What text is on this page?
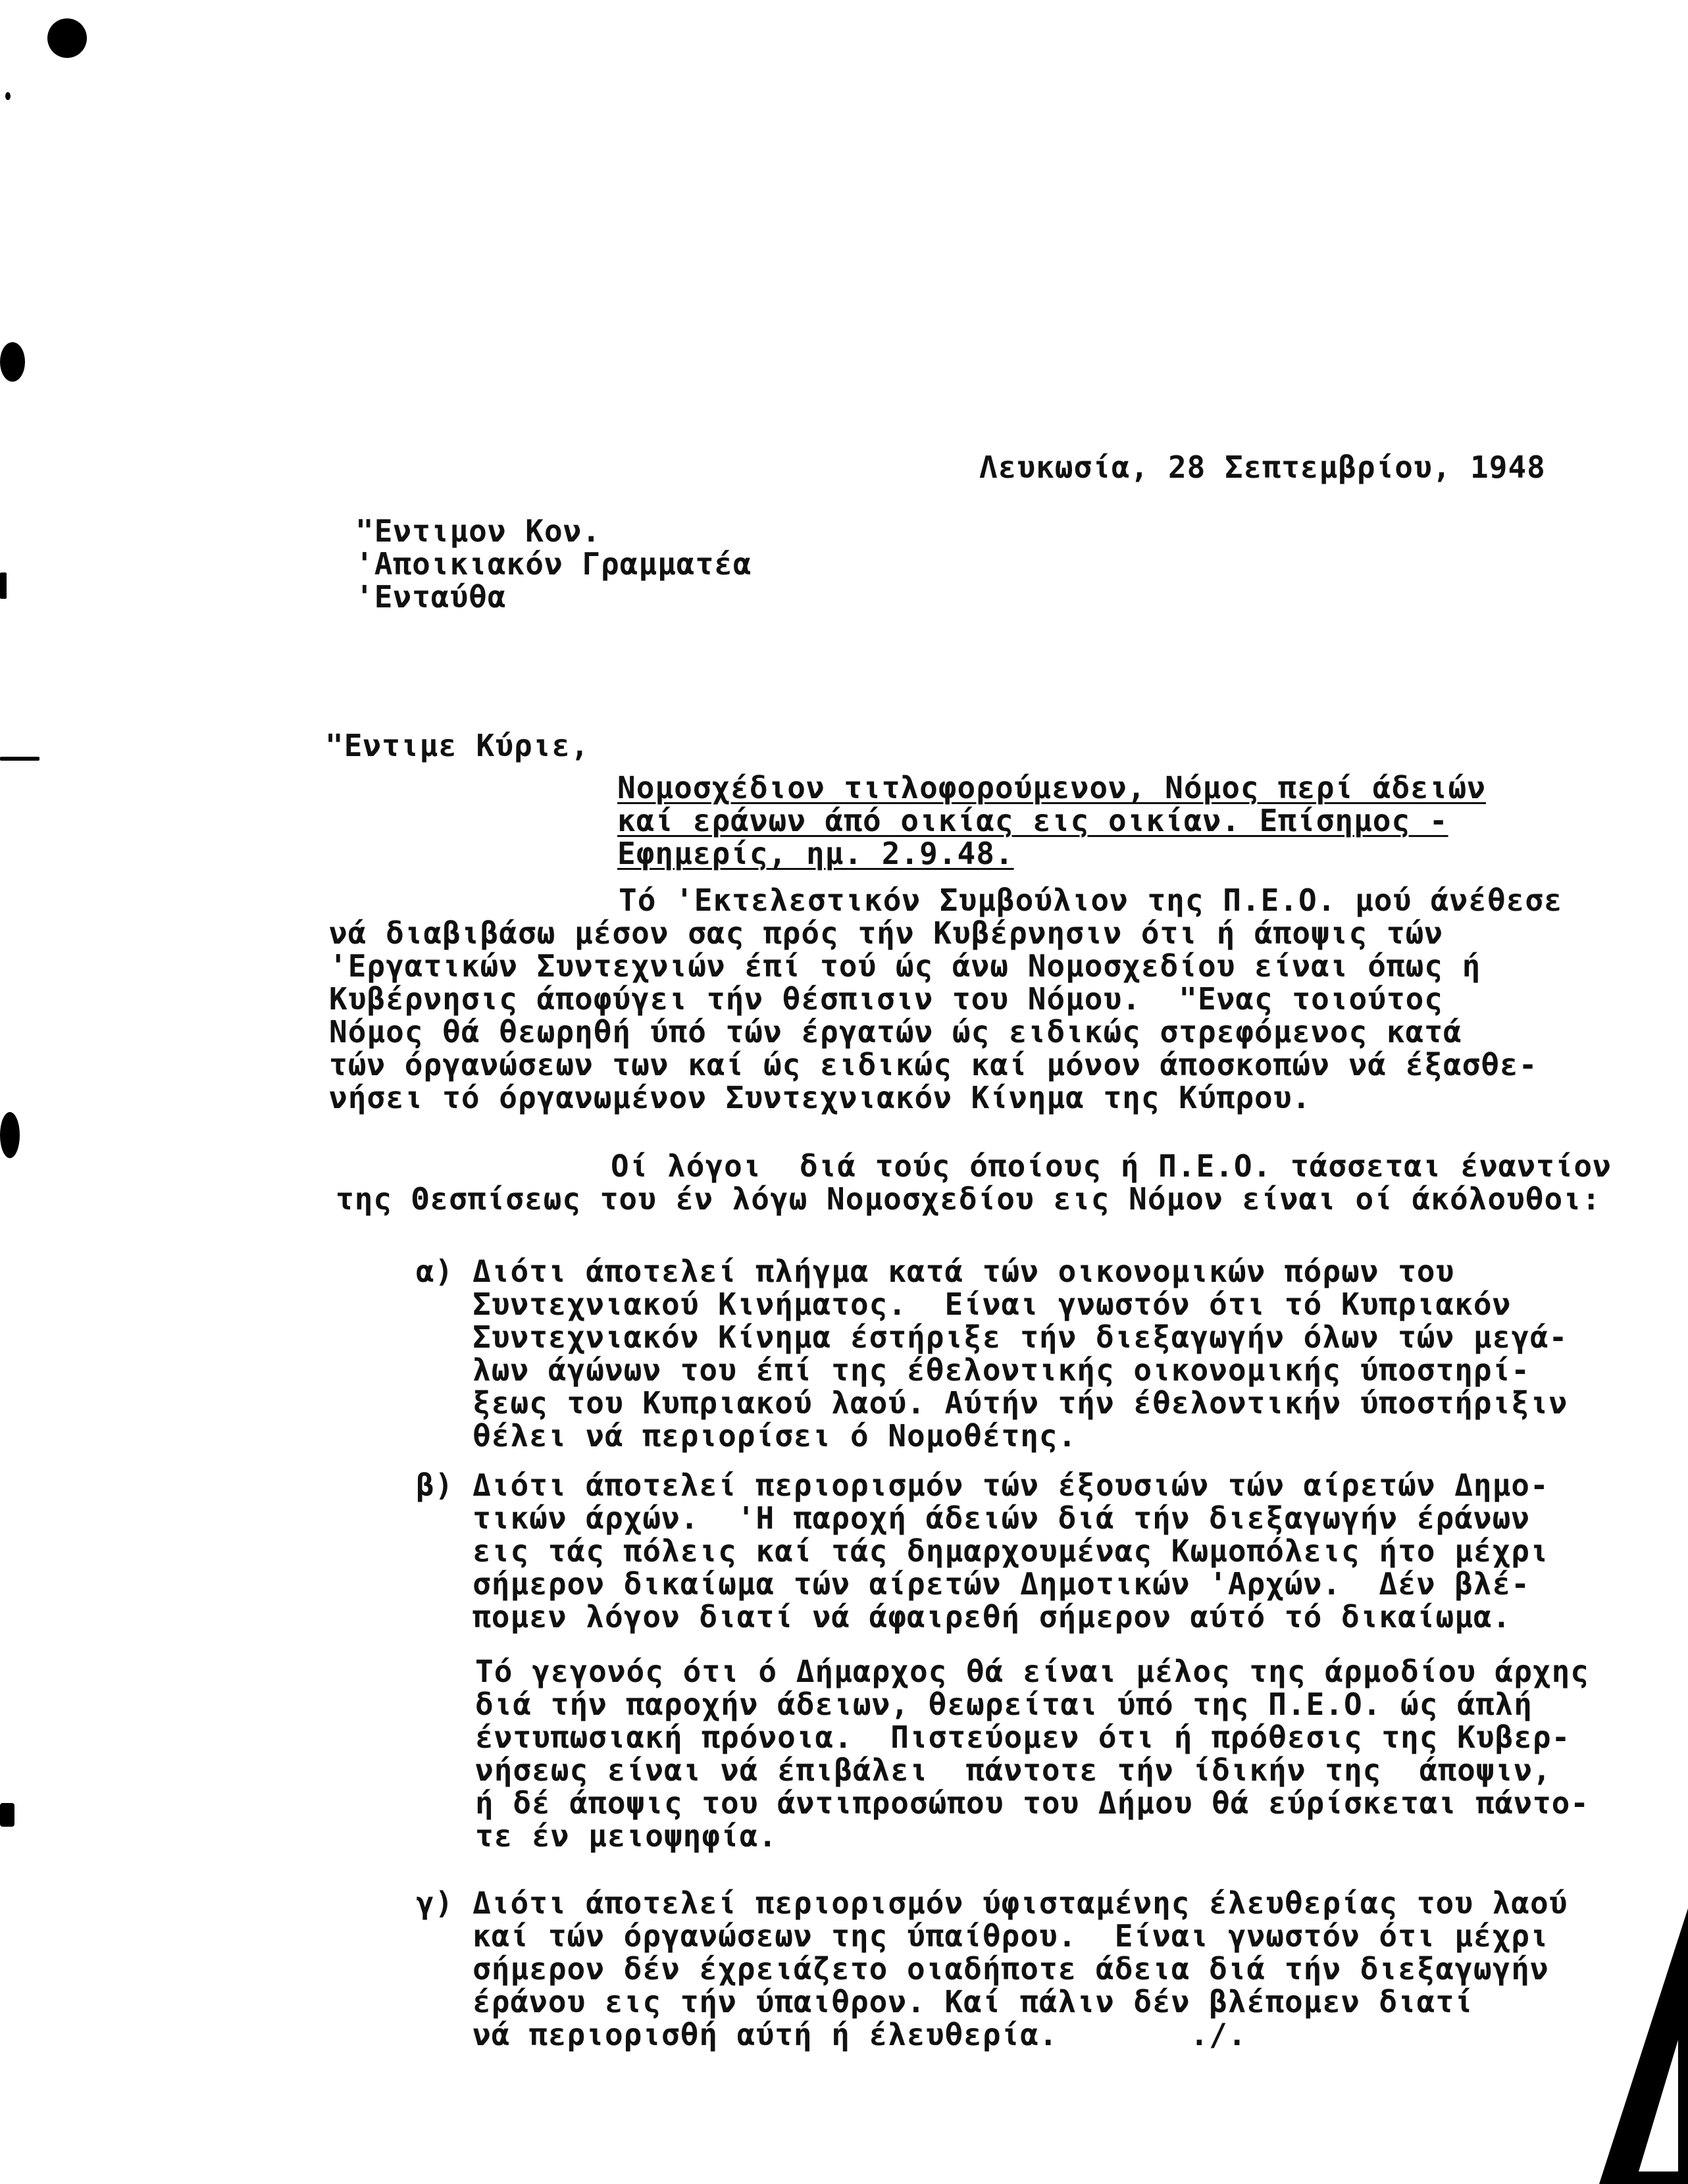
Λευκωσία, 28 Σεπτεμβρίου, 1948
"Εντιμον Κον.
'Αποικιακόν Γραμματέα
'Ενταύθα
"Εντιμε Κύριε,
Νομοσχέδιον τιτλοφορούμενον, Νόμος περί άδειών
καί εράνων άπό οικίας εις οικίαν. Επίσημος -
Εφημερίς, ημ. 2.9.48.
Τό 'Εκτελεστικόν Συμβούλιον της Π.Ε.Ο. μού άνέθεσε
νά διαβιβάσω μέσον σας πρός τήν Κυβέρνησιν ότι ή άποψις τών
'Εργατικών Συντεχνιών έπί τού ώς άνω Νομοσχεδίου είναι όπως ή
Κυβέρνησις άποφύγει τήν θέσπισιν του Νόμου.  "Ενας τοιούτος
Νόμος θά θεωρηθή ύπό τών έργατών ώς ειδικώς στρεφόμενος κατά
τών όργανώσεων των καί ώς ειδικώς καί μόνον άποσκοπών νά έξασθε-
νήσει τό όργανωμένον Συντεχνιακόν Κίνημα της Κύπρου.
Οί λόγοι  διά τούς όποίους ή Π.Ε.Ο. τάσσεται έναντίον
της Θεσπίσεως του έν λόγω Νομοσχεδίου εις Νόμον είναι οί άκόλουθοι:
α) Διότι άποτελεί πλήγμα κατά τών οικονομικών πόρων του
Συντεχνιακού Κινήματος.  Είναι γνωστόν ότι τό Κυπριακόν
Συντεχνιακόν Κίνημα έστήριξε τήν διεξαγωγήν όλων τών μεγά-
λων άγώνων του έπί της έθελοντικής οικονομικής ύποστηρί-
ξεως του Κυπριακού λαού. Αύτήν τήν έθελοντικήν ύποστήριξιν
θέλει νά περιορίσει ό Νομοθέτης.
β) Διότι άποτελεί περιορισμόν τών έξουσιών τών αίρετών Δημο-
τικών άρχών.  'Η παροχή άδειών διά τήν διεξαγωγήν έράνων
εις τάς πόλεις καί τάς δημαρχουμένας Κωμοπόλεις ήτο μέχρι
σήμερον δικαίωμα τών αίρετών Δημοτικών 'Αρχών.  Δέν βλέ-
πομεν λόγον διατί νά άφαιρεθή σήμερον αύτό τό δικαίωμα.
Τό γεγονός ότι ό Δήμαρχος θά είναι μέλος της άρμοδίου άρχης
διά τήν παροχήν άδειων, θεωρείται ύπό της Π.Ε.Ο. ώς άπλή
έντυπωσιακή πρόνοια.  Πιστεύομεν ότι ή πρόθεσις της Κυβερ-
νήσεως είναι νά έπιβάλει  πάντοτε τήν ίδικήν της  άποψιν,
ή δέ άποψις του άντιπροσώπου του Δήμου θά εύρίσκεται πάντο-
τε έν μειοψηφία.
γ) Διότι άποτελεί περιορισμόν ύφισταμένης έλευθερίας του λαού
καί τών όργανώσεων της ύπαίθρου.  Είναι γνωστόν ότι μέχρι
σήμερον δέν έχρειάζετο οιαδήποτε άδεια διά τήν διεξαγωγήν
έράνου εις τήν ύπαιθρον. Καί πάλιν δέν βλέπομεν διατί
νά περιορισθή αύτή ή έλευθερία.       ./.
